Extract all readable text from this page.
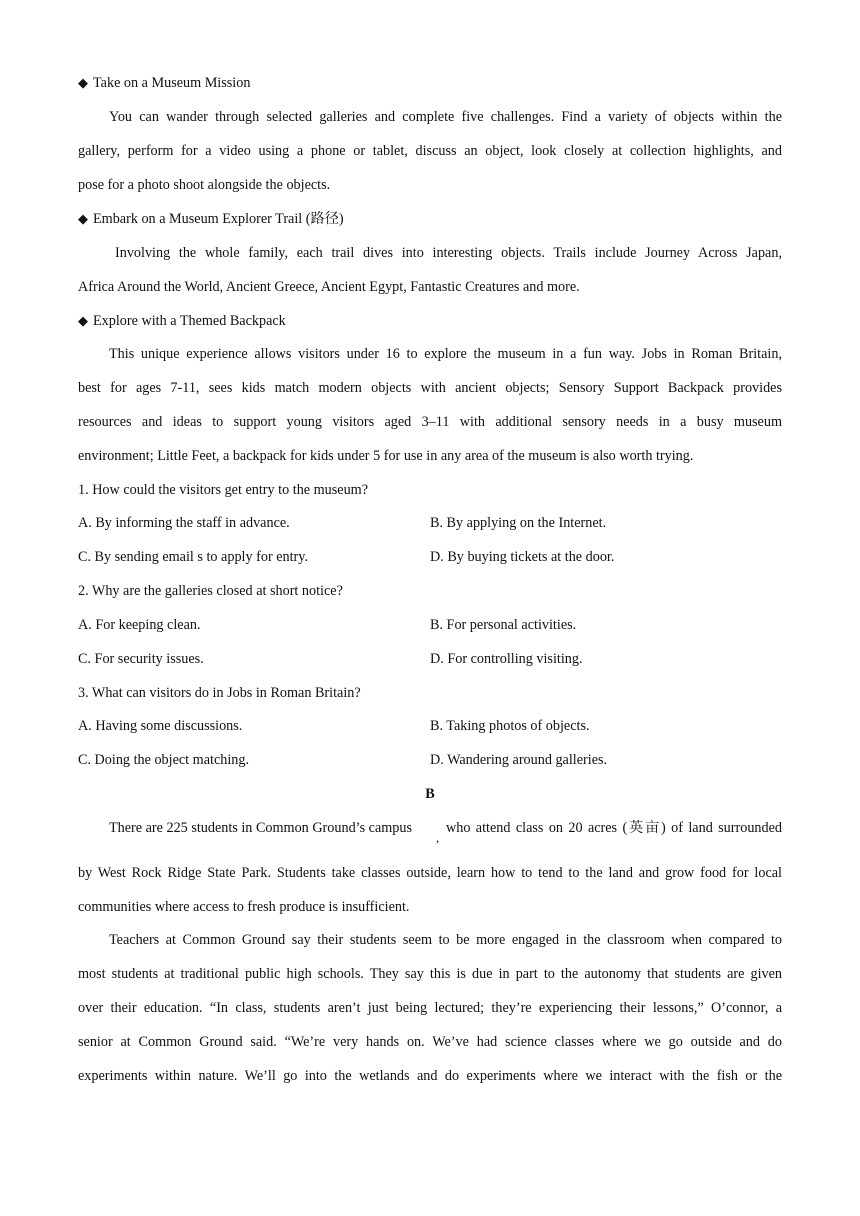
◆ Take on a Museum Mission
You can wander through selected galleries and complete five challenges. Find a variety of objects within the
gallery, perform for a video using a phone or tablet, discuss an object, look closely at collection highlights, and
pose for a photo shoot alongside the objects.
◆ Embark on a Museum Explorer Trail (路径)
Involving the whole family, each trail dives into interesting objects. Trails include Journey Across Japan,
Africa Around the World, Ancient Greece, Ancient Egypt, Fantastic Creatures and more.
◆ Explore with a Themed Backpack
This unique experience allows visitors under 16 to explore the museum in a fun way. Jobs in Roman Britain,
best for ages 7-11, sees kids match modern objects with ancient objects; Sensory Support Backpack provides
resources and ideas to support young visitors aged 3–11 with additional sensory needs in a busy museum
environment; Little Feet, a backpack for kids under 5 for use in any area of the museum is also worth trying.
1. How could the visitors get entry to the museum?
A. By informing the staff in advance.	B. By applying on the Internet.
C. By sending email s to apply for entry.	D. By buying tickets at the door.
2. Why are the galleries closed at short notice?
A. For keeping clean.	B. For personal activities.
C. For security issues.	D. For controlling visiting.
3. What can visitors do in Jobs in Roman Britain?
A. Having some discussions.	B. Taking photos of objects.
C. Doing the object matching.	D. Wandering around galleries.
B
There are 225 students in Common Ground’s campus
,
who attend class on 20 acres (英亩) of land surrounded
by West Rock Ridge State Park. Students take classes outside, learn how to tend to the land and grow food for local
communities where access to fresh produce is insufficient.
Teachers at Common Ground say their students seem to be more engaged in the classroom when compared to
most students at traditional public high schools. They say this is due in part to the autonomy that students are given
over their education. “In class, students aren’t just being lectured; they’re experiencing their lessons,” O’connor, a
senior at Common Ground said. “We’re very hands on. We’ve had science classes where we go outside and do
experiments within nature. We’ll go into the wetlands and do experiments where we interact with the fish or the
